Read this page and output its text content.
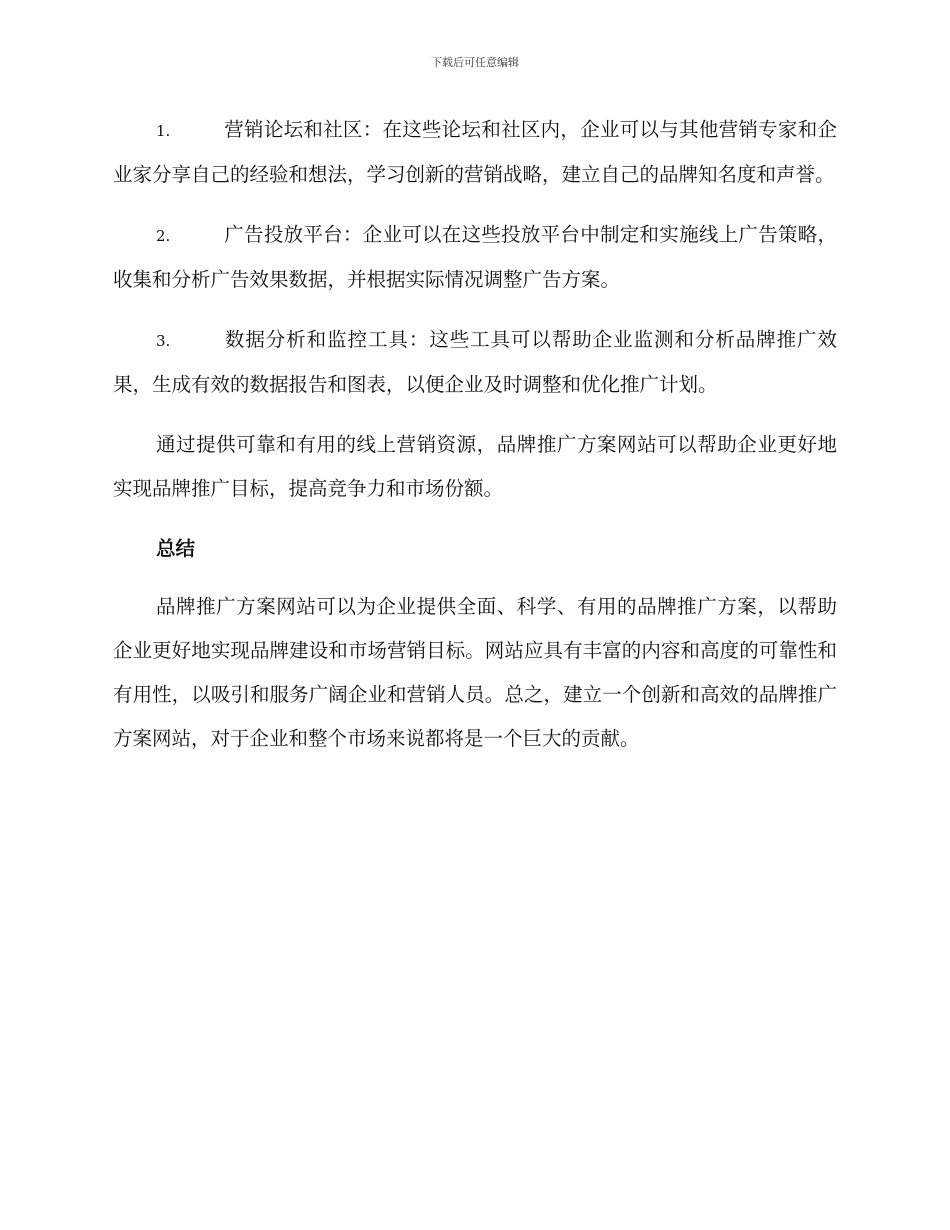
下载后可任意编辑

1.	营销论坛和社区：在这些论坛和社区内，企业可以与其他营销专家和企业家分享自己的经验和想法，学习创新的营销战略，建立自己的品牌知名度和声誉。

2.	广告投放平台：企业可以在这些投放平台中制定和实施线上广告策略，收集和分析广告效果数据，并根据实际情况调整广告方案。

3.	数据分析和监控工具：这些工具可以帮助企业监测和分析品牌推广效果，生成有效的数据报告和图表，以便企业及时调整和优化推广计划。

通过提供可靠和有用的线上营销资源，品牌推广方案网站可以帮助企业更好地实现品牌推广目标，提高竞争力和市场份额。

总结

品牌推广方案网站可以为企业提供全面、科学、有用的品牌推广方案，以帮助企业更好地实现品牌建设和市场营销目标。网站应具有丰富的内容和高度的可靠性和有用性，以吸引和服务广阔企业和营销人员。总之，建立一个创新和高效的品牌推广方案网站，对于企业和整个市场来说都将是一个巨大的贡献。
